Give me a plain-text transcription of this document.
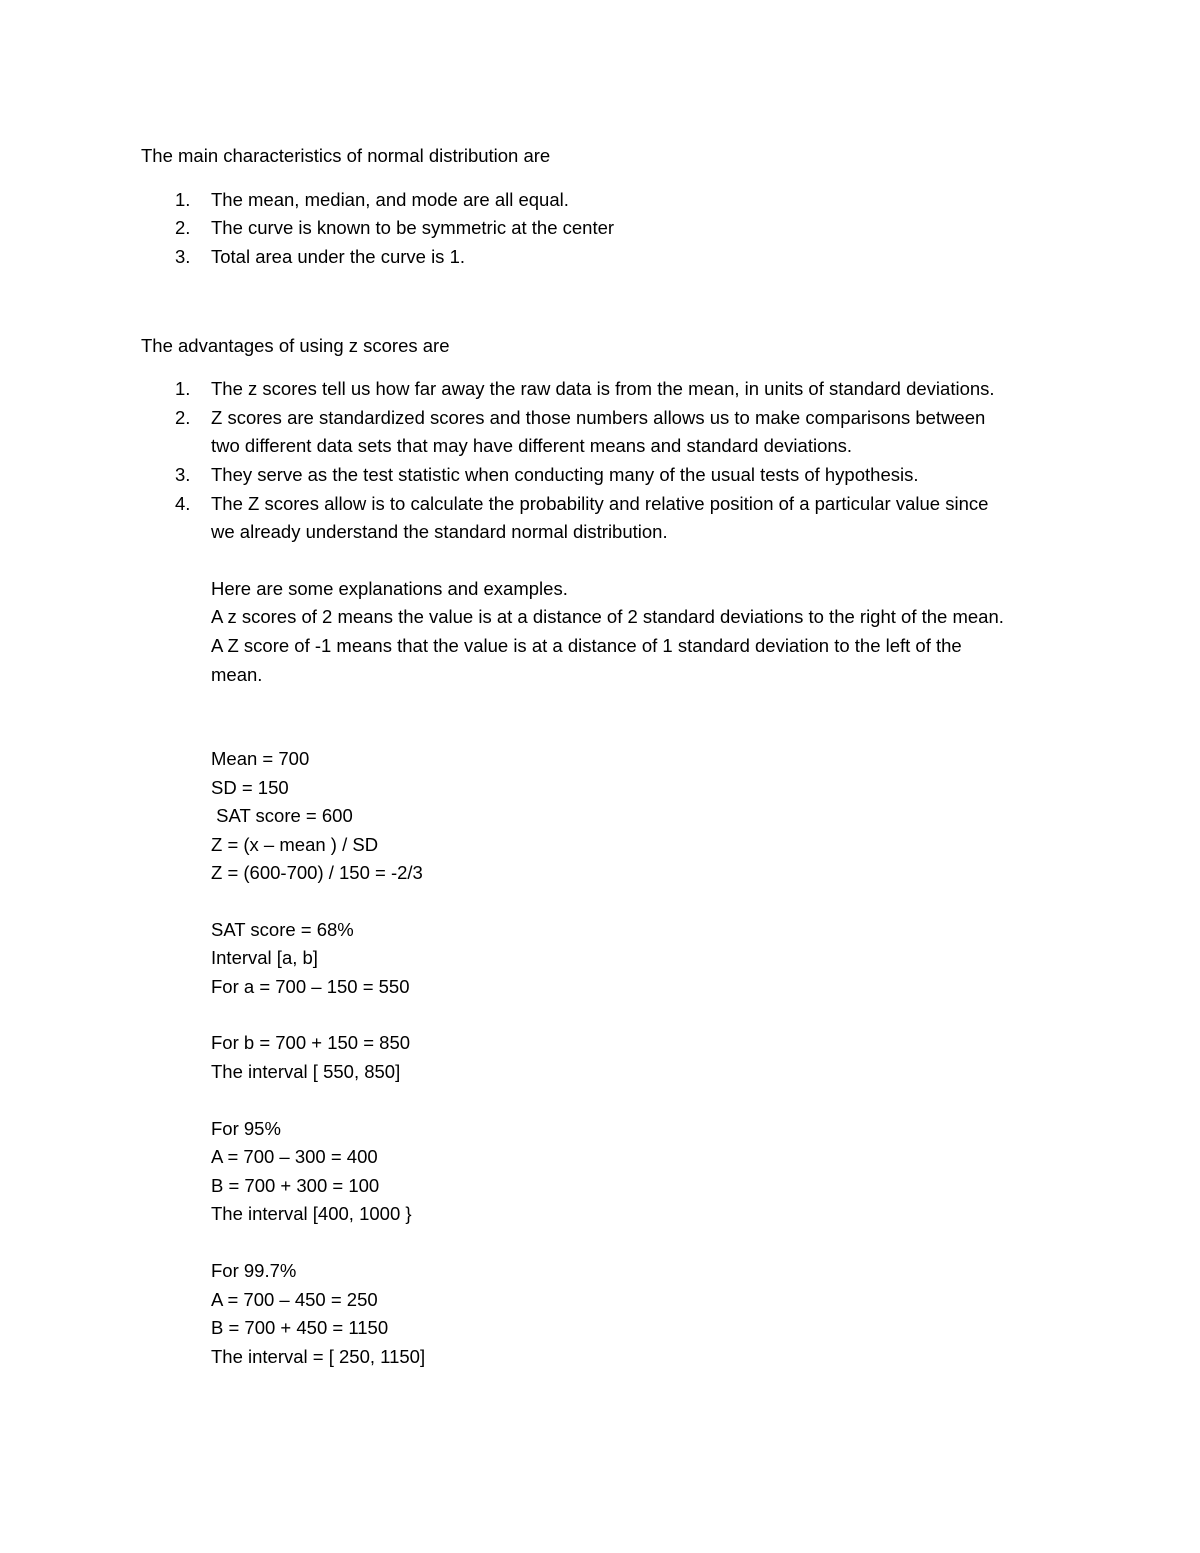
The main characteristics of normal distribution are
1. The mean, median, and mode are all equal.
2. The curve is known to be symmetric at the center
3. Total area under the curve is 1.
The advantages of using z scores are
1. The z scores tell us how far away the raw data is from the mean, in units of standard deviations.
2. Z scores are standardized scores and those numbers allows us to make comparisons between
two different data sets that may have different means and standard deviations.
3. They serve as the test statistic when conducting many of the usual tests of hypothesis.
4. The Z scores allow is to calculate the probability and relative position of a particular value since
we already understand the standard normal distribution.
Here are some explanations and examples.
A z scores of 2 means the value is at a distance of 2 standard deviations to the right of the mean.
A Z score of -1 means that the value is at a distance of 1 standard deviation to the left of the
mean.
Mean = 700
SD = 150
SAT score = 600
Z = (x – mean ) / SD
Z = (600-700) / 150 = -2/3
SAT score = 68%
Interval [a, b]
For a = 700 – 150 = 550
For b = 700 + 150 = 850
The interval [ 550, 850]
For 95%
A = 700 – 300 = 400
B = 700 + 300 = 100
The interval [400, 1000 }
For 99.7%
A = 700 – 450 = 250
B = 700 + 450 = 1150
The interval = [ 250, 1150]
